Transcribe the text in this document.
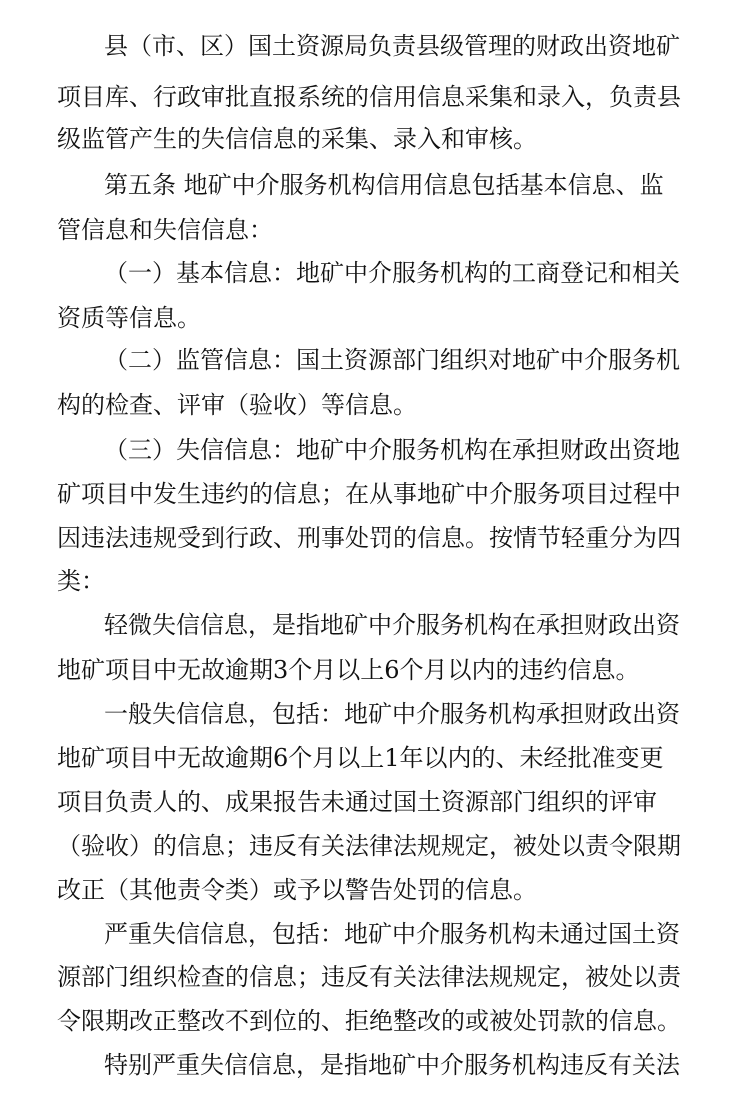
县（市、区）国土资源局负责县级管理的财政出资地矿
项目库、行政审批直报系统的信用信息采集和录入，负责县
级监管产生的失信信息的采集、录入和审核。
第五条 地矿中介服务机构信用信息包括基本信息、监
管信息和失信信息：
（一）基本信息：地矿中介服务机构的工商登记和相关
资质等信息。
（二）监管信息：国土资源部门组织对地矿中介服务机
构的检查、评审（验收）等信息。
（三）失信信息：地矿中介服务机构在承担财政出资地
矿项目中发生违约的信息；在从事地矿中介服务项目过程中
因违法违规受到行政、刑事处罚的信息。按情节轻重分为四
类：
轻微失信信息，是指地矿中介服务机构在承担财政出资
地矿项目中无故逾期3个月以上6个月以内的违约信息。
一般失信信息，包括：地矿中介服务机构承担财政出资
地矿项目中无故逾期6个月以上1年以内的、未经批准变更
项目负责人的、成果报告未通过国土资源部门组织的评审
（验收）的信息；违反有关法律法规规定，被处以责令限期
改正（其他责令类）或予以警告处罚的信息。
严重失信信息，包括：地矿中介服务机构未通过国土资
源部门组织检查的信息；违反有关法律法规规定，被处以责
令限期改正整改不到位的、拒绝整改的或被处罚款的信息。
特别严重失信信息，是指地矿中介服务机构违反有关法
